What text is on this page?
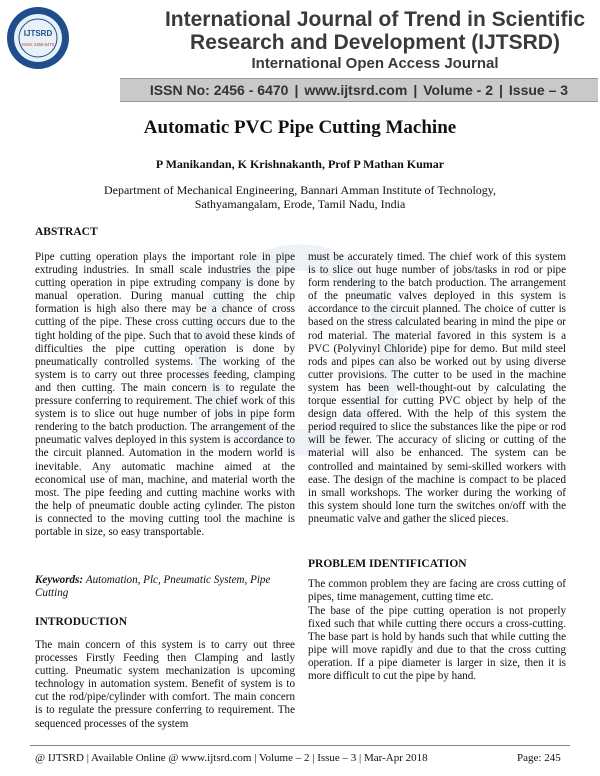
IJTSRD
ISSN: 2456-6470
International Journal of Trend in Scientific
Research and Development (IJTSRD)
International Open Access Journal
ISSN No: 2456 - 6470 | www.ijtsrd.com | Volume - 2 | Issue – 3
Automatic PVC Pipe Cutting Machine
P Manikandan, K Krishnakanth, Prof P Mathan Kumar
Department of Mechanical Engineering, Bannari Amman Institute of Technology,
Sathyamangalam, Erode, Tamil Nadu, India
ABSTRACT
Pipe cutting operation plays the important role in pipe extruding industries. In small scale industries the pipe cutting operation in pipe extruding company is done by manual operation. During manual cutting the chip formation is high also there may be a chance of cross cutting of the pipe. These cross cutting occurs due to the tight holding of the pipe. Such that to avoid these kinds of difficulties the pipe cutting operation is done by pneumatically controlled systems. The working of the system is to carry out three processes feeding, clamping and then cutting. The main concern is to regulate the pressure conferring to requirement. The chief work of this system is to slice out huge number of jobs in pipe form rendering to the batch production. The arrangement of the pneumatic valves deployed in this system is accordance to the circuit planned. Automation in the modern world is inevitable. Any automatic machine aimed at the economical use of man, machine, and material worth the most. The pipe feeding and cutting machine works with the help of pneumatic double acting cylinder. The piston is connected to the moving cutting tool the machine is portable in size, so easy transportable.
Keywords: Automation, Plc, Pneumatic System, Pipe Cutting
INTRODUCTION
The main concern of this system is to carry out three processes Firstly Feeding then Clamping and lastly cutting. Pneumatic system mechanization is upcoming technology in automation system. Benefit of system is to cut the rod/pipe/cylinder with comfort. The main concern is to regulate the pressure conferring to requirement. The sequenced processes of the system
must be accurately timed. The chief work of this system is to slice out huge number of jobs/tasks in rod or pipe form rendering to the batch production. The arrangement of the pneumatic valves deployed in this system is accordance to the circuit planned. The choice of cutter is based on the stress calculated bearing in mind the pipe or rod material. The material favored in this system is a PVC (Polyvinyl Chloride) pipe for demo. But mild steel rods and pipes can also be worked out by using diverse cutter provisions. The cutter to be used in the machine system has been well-thought-out by calculating the torque essential for cutting PVC object by help of the design data offered. With the help of this system the period required to slice the substances like the pipe or rod will be fewer. The accuracy of slicing or cutting of the material will also be enhanced. The system can be controlled and maintained by semi-skilled workers with ease. The design of the machine is compact to be placed in small workshops. The worker during the working of this system should lone turn the switches on/off with the pneumatic valve and gather the sliced pieces.
PROBLEM IDENTIFICATION
The common problem they are facing are cross cutting of pipes, time management, cutting time etc.
The base of the pipe cutting operation is not properly fixed such that while cutting there occurs a cross-cutting. The base part is hold by hands such that while cutting the pipe will move rapidly and due to that the cross cutting operation. If a pipe diameter is larger in size, then it is more difficult to cut the pipe by hand.
@ IJTSRD | Available Online @ www.ijtsrd.com | Volume – 2 | Issue – 3 | Mar-Apr 2018	Page: 245
